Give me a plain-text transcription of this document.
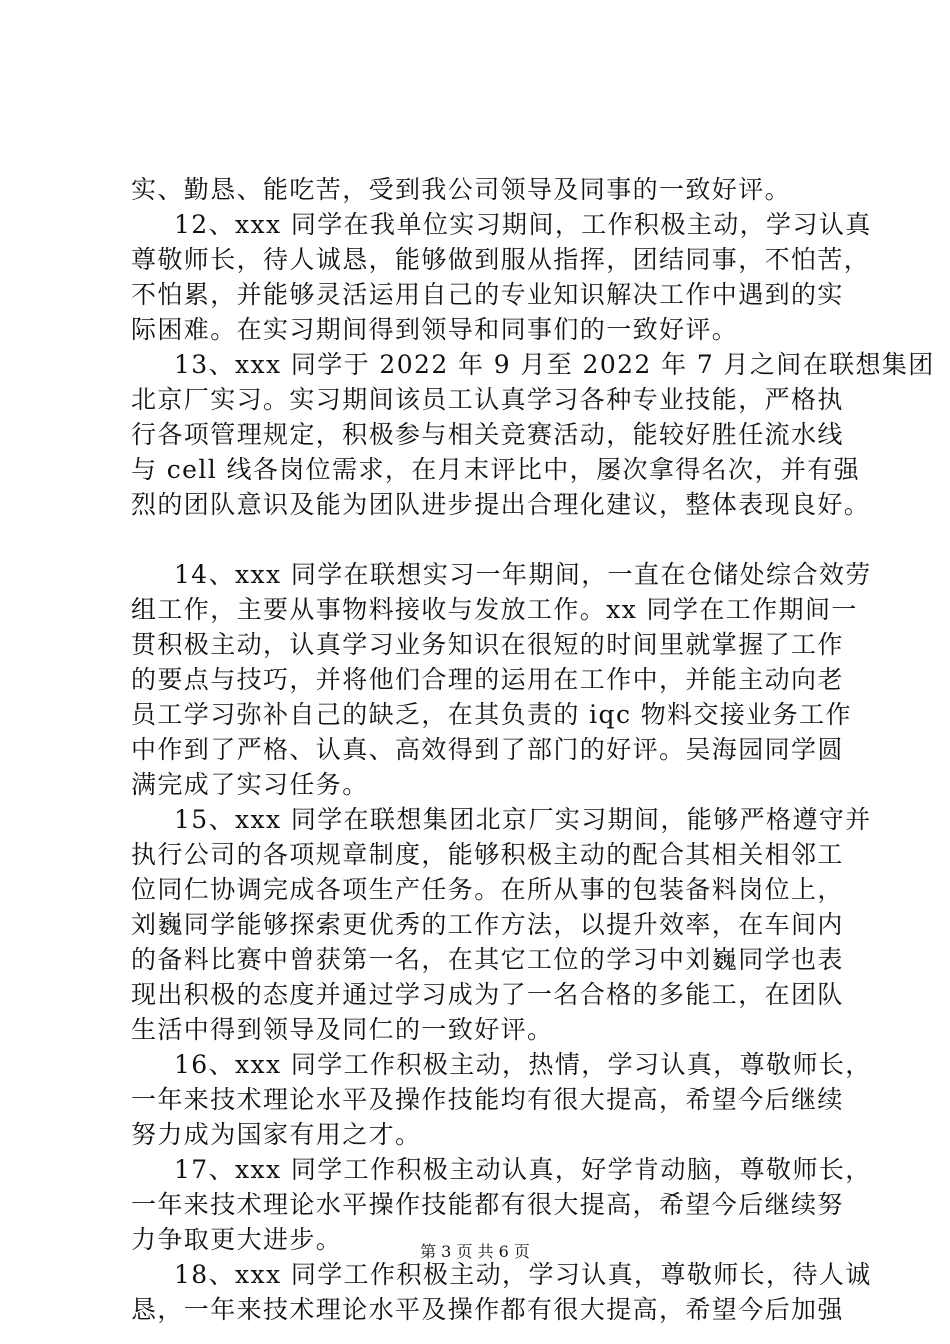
实、勤恳、能吃苦，受到我公司领导及同事的一致好评。
12、xxx 同学在我单位实习期间，工作积极主动，学习认真
尊敬师长，待人诚恳，能够做到服从指挥，团结同事，不怕苦，
不怕累，并能够灵活运用自己的专业知识解决工作中遇到的实
际困难。在实习期间得到领导和同事们的一致好评。
13、xxx 同学于 2022 年 9 月至 2022 年 7 月之间在联想集团
北京厂实习。实习期间该员工认真学习各种专业技能，严格执
行各项管理规定，积极参与相关竞赛活动，能较好胜任流水线
与 cell 线各岗位需求，在月末评比中，屡次拿得名次，并有强
烈的团队意识及能为团队进步提出合理化建议，整体表现良好。
14、xxx 同学在联想实习一年期间，一直在仓储处综合效劳
组工作，主要从事物料接收与发放工作。xx 同学在工作期间一
贯积极主动，认真学习业务知识在很短的时间里就掌握了工作
的要点与技巧，并将他们合理的运用在工作中，并能主动向老
员工学习弥补自己的缺乏，在其负责的 iqc 物料交接业务工作
中作到了严格、认真、高效得到了部门的好评。吴海园同学圆
满完成了实习任务。
15、xxx 同学在联想集团北京厂实习期间，能够严格遵守并
执行公司的各项规章制度，能够积极主动的配合其相关相邻工
位同仁协调完成各项生产任务。在所从事的包装备料岗位上，
刘巍同学能够探索更优秀的工作方法，以提升效率，在车间内
的备料比赛中曾获第一名，在其它工位的学习中刘巍同学也表
现出积极的态度并通过学习成为了一名合格的多能工，在团队
生活中得到领导及同仁的一致好评。
16、xxx 同学工作积极主动，热情，学习认真，尊敬师长，
一年来技术理论水平及操作技能均有很大提高，希望今后继续
努力成为国家有用之才。
17、xxx 同学工作积极主动认真，好学肯动脑，尊敬师长，
一年来技术理论水平操作技能都有很大提高，希望今后继续努
力争取更大进步。
18、xxx 同学工作积极主动，学习认真，尊敬师长，待人诚
恳，一年来技术理论水平及操作都有很大提高，希望今后加强
第 3 页 共 6 页
